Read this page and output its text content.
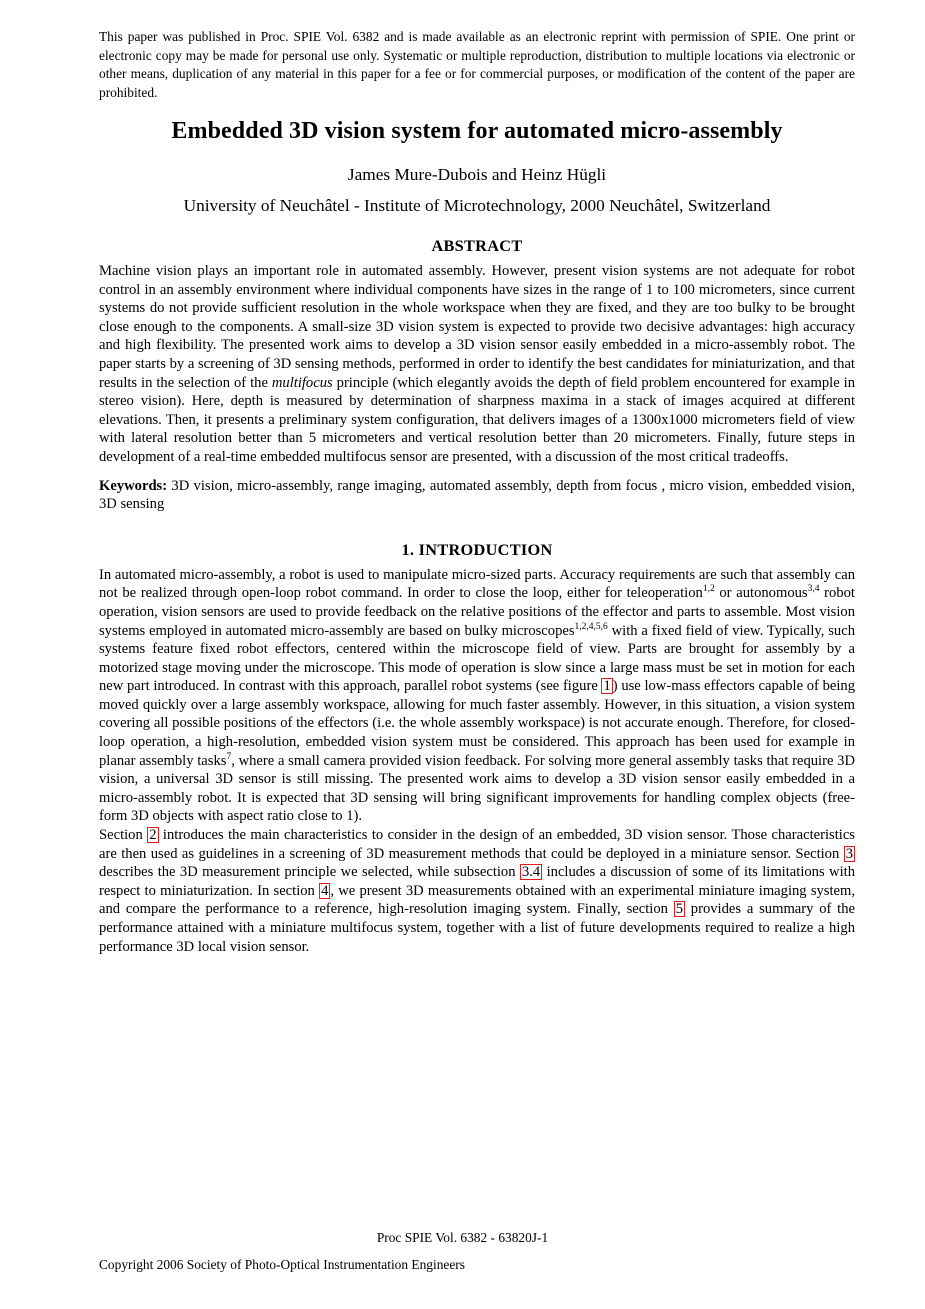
This paper was published in Proc. SPIE Vol. 6382 and is made available as an electronic reprint with permission of SPIE. One print or electronic copy may be made for personal use only. Systematic or multiple reproduction, distribution to multiple locations via electronic or other means, duplication of any material in this paper for a fee or for commercial purposes, or modification of the content of the paper are prohibited.

Embedded 3D vision system for automated micro-assembly
James Mure-Dubois and Heinz Hügli
University of Neuchâtel - Institute of Microtechnology, 2000 Neuchâtel, Switzerland
ABSTRACT

Machine vision plays an important role in automated assembly. However, present vision systems are not adequate for robot control in an assembly environment where individual components have sizes in the range of 1 to 100 micrometers, since current systems do not provide sufficient resolution in the whole workspace when they are fixed, and they are too bulky to be brought close enough to the components. A small-size 3D vision system is expected to provide two decisive advantages: high accuracy and high flexibility. The presented work aims to develop a 3D vision sensor easily embedded in a micro-assembly robot. The paper starts by a screening of 3D sensing methods, performed in order to identify the best candidates for miniaturization, and that results in the selection of the multifocus principle (which elegantly avoids the depth of field problem encountered for example in stereo vision). Here, depth is measured by determination of sharpness maxima in a stack of images acquired at different elevations. Then, it presents a preliminary system configuration, that delivers images of a 1300x1000 micrometers field of view with lateral resolution better than 5 micrometers and vertical resolution better than 20 micrometers. Finally, future steps in development of a real-time embedded multifocus sensor are presented, with a discussion of the most critical tradeoffs.

Keywords: 3D vision, micro-assembly, range imaging, automated assembly, depth from focus , micro vision, embedded vision, 3D sensing

1. INTRODUCTION

In automated micro-assembly, a robot is used to manipulate micro-sized parts. Accuracy requirements are such that assembly can not be realized through open-loop robot command. In order to close the loop, either for teleoperation$^{1,2}$ or autonomous$^{3,4}$ robot operation, vision sensors are used to provide feedback on the relative positions of the effector and parts to assemble. Most vision systems employed in automated micro-assembly are based on bulky microscopes$^{1,2,4,5,6}$ with a fixed field of view. Typically, such systems feature fixed robot effectors, centered within the microscope field of view. Parts are brought for assembly by a motorized stage moving under the microscope. This mode of operation is slow since a large mass must be set in motion for each new part introduced. In contrast with this approach, parallel robot systems (see figure 1 ) use low-mass effectors capable of being moved quickly over a large assembly workspace, allowing for much faster assembly. However, in this situation, a vision system covering all possible positions of the effectors (i.e. the whole assembly workspace) is not accurate enough. Therefore, for closed-loop operation, a high-resolution, embedded vision system must be considered. This approach has been used for example in planar assembly tasks$^7$, where a small camera provided vision feedback. For solving more general assembly tasks that require 3D vision, a universal 3D sensor is still missing. The presented work aims to develop a 3D vision sensor easily embedded in a micro-assembly robot. It is expected that 3D sensing will bring significant improvements for handling complex objects (free-form 3D objects with aspect ratio close to 1).

Section 2 introduces the main characteristics to consider in the design of an embedded, 3D vision sensor. Those characteristics are then used as guidelines in a screening of 3D measurement methods that could be deployed in a miniature sensor. Section 3 describes the 3D measurement principle we selected, while subsection 3.4 includes a discussion of some of its limitations with respect to miniaturization. In section 4 , we present 3D measurements obtained with an experimental miniature imaging system, and compare the performance to a reference, high-resolution imaging system. Finally, section 5 provides a summary of the performance attained with a miniature multifocus system, together with a list of future developments required to realize a high performance 3D local vision sensor.

Proc SPIE Vol. 6382 - 63820J-1
Copyright 2006 Society of Photo-Optical Instrumentation Engineers
